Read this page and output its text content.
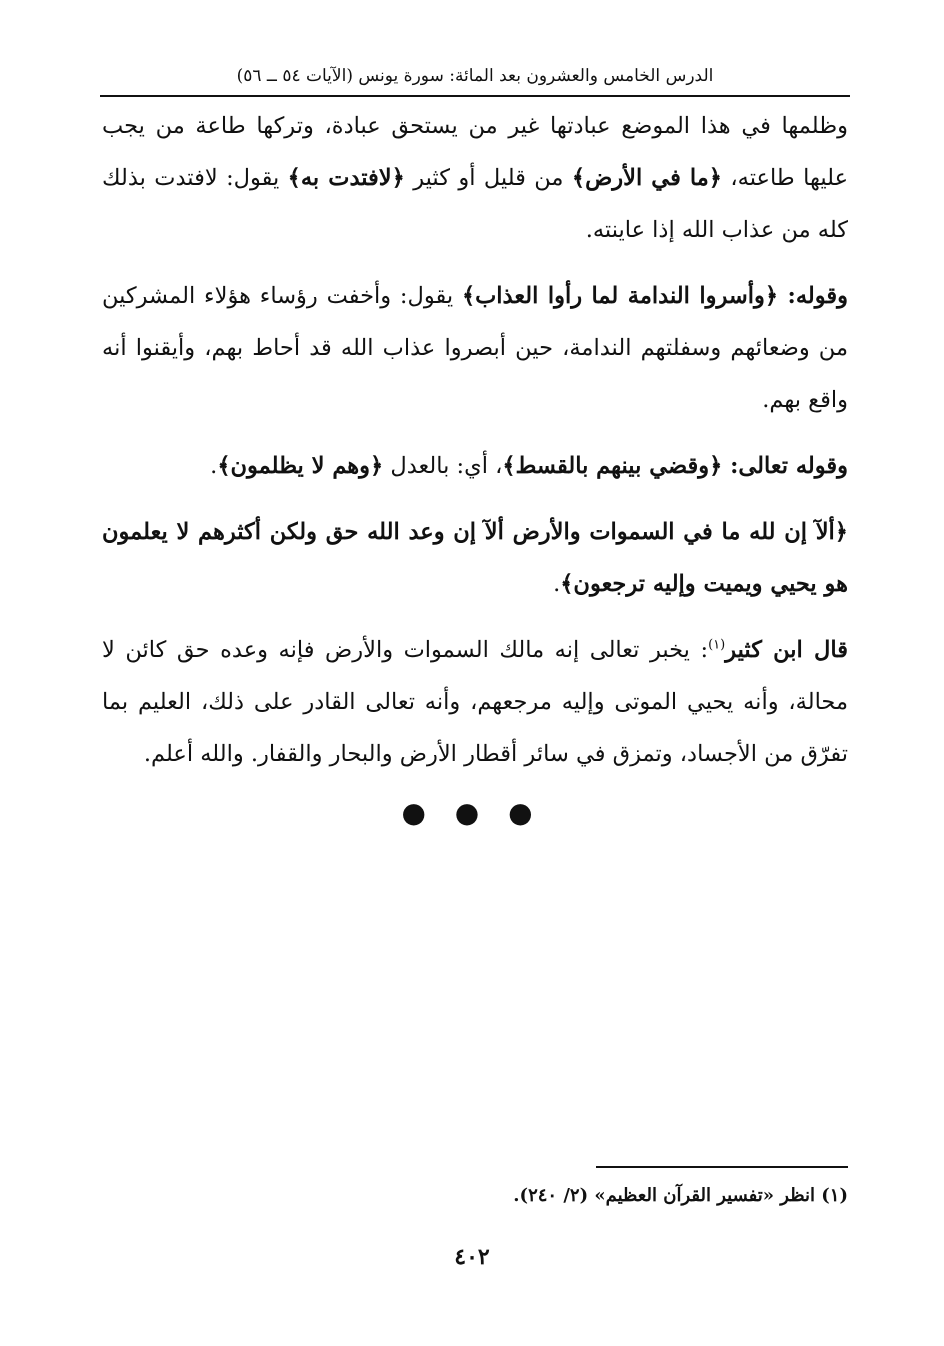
الدرس الخامس والعشرون بعد المائة: سورة يونس (الآيات ٥٤ ــ ٥٦)

وظلمها في هذا الموضع عبادتها غير من يستحق عبادة، وتركها طاعة من يجب عليها طاعته، ﴿ما في الأرض﴾ من قليل أو كثير ﴿لافتدت به﴾ يقول: لافتدت بذلك كله من عذاب الله إذا عاينته.

وقوله: ﴿وأسروا الندامة لما رأوا العذاب﴾ يقول: وأخفت رؤساء هؤلاء المشركين من وضعائهم وسفلتهم الندامة، حين أبصروا عذاب الله قد أحاط بهم، وأيقنوا أنه واقع بهم.

وقوله تعالى: ﴿وقضي بينهم بالقسط﴾، أي: بالعدل ﴿وهم لا يظلمون﴾.

﴿ألآ إن لله ما في السموات والأرض ألآ إن وعد الله حق ولكن أكثرهم لا يعلمون هو يحيي ويميت وإليه ترجعون﴾.

قال ابن كثير$^{(١)}$: يخبر تعالى إنه مالك السموات والأرض فإنه وعده حق كائن لا محالة، وأنه يحيي الموتى وإليه مرجعهم، وأنه تعالى القادر على ذلك، العليم بما تفرّق من الأجساد، وتمزق في سائر أقطار الأرض والبحار والقفار. والله أعلم.

● ● ●
(١) انظر «تفسير القرآن العظيم» (٢/ ٢٤٠).
٤٠٢
